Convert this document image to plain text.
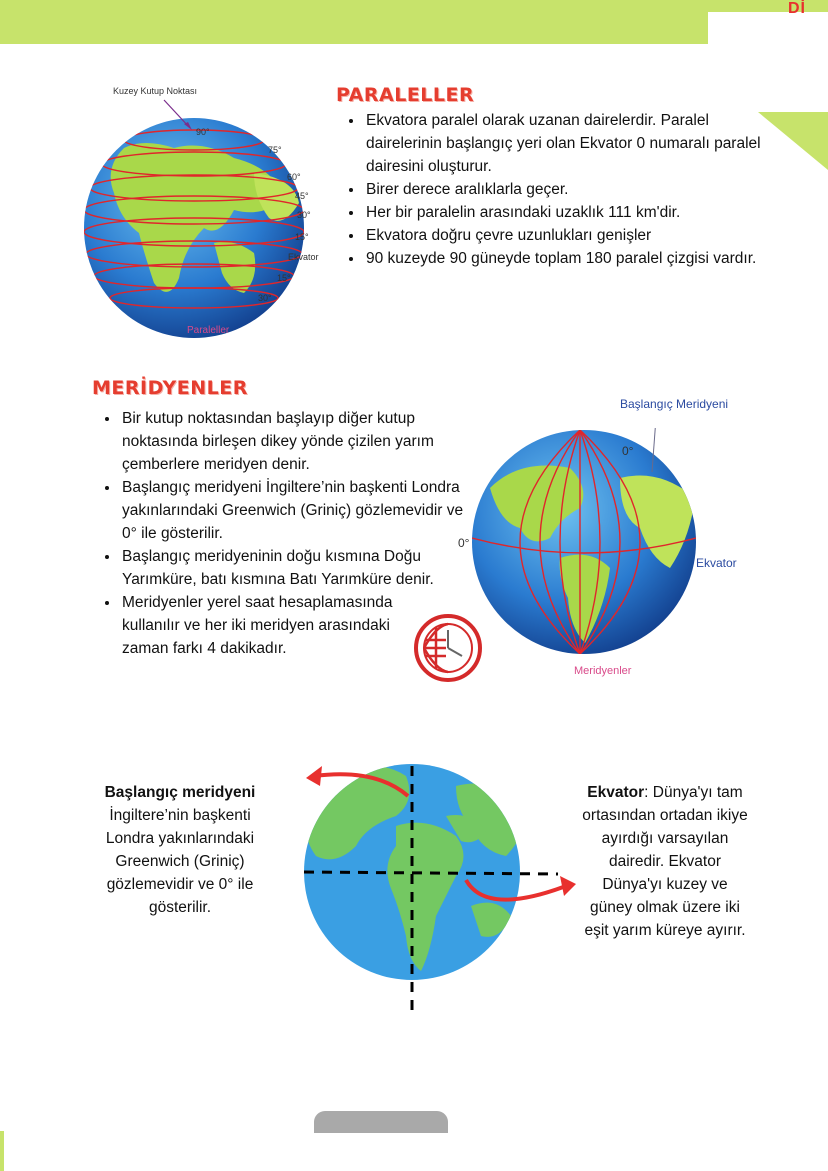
Dİ
Kuzey Kutup Noktası
90°
75°
60°
45°
30°
15°
Ekvator
15°
30°
Paraleller
PARALELLER
• Ekvatora paralel olarak uzanan dairelerdir. Paralel dairelerinin başlangıç yeri olan Ekvator 0 numaralı paralel dairesini oluşturur.
• Birer derece aralıklarla geçer.
• Her bir paralelin arasındaki uzaklık 111 km'dir.
• Ekvatora doğru çevre uzunlukları genişler
• 90 kuzeyde 90 güneyde toplam 180 paralel çizgisi vardır.
MERİDYENLER
• Bir kutup noktasından başlayıp diğer kutup noktasında birleşen dikey yönde çizilen yarım çemberlere meridyen denir.
• Başlangıç meridyeni İngiltere’nin başkenti Londra yakınlarındaki Greenwich (Griniç) gözlemevidir ve 0° ile gösterilir.
• Başlangıç meridyeninin doğu kısmına Doğu Yarımküre, batı kısmına Batı Yarımküre denir.
• Meridyenler yerel saat hesaplamasında kullanılır ve her iki meridyen arasındaki zaman farkı 4 dakikadır.
Başlangıç Meridyeni
0°
0°
Ekvator
Meridyenler
Başlangıç meridyeni
İngiltere’nin başkenti Londra yakınlarındaki Greenwich (Griniç) gözlemevidir ve 0° ile gösterilir.
Ekvator: Dünya'yı tam ortasından ortadan ikiye ayırdığı varsayılan dairedir. Ekvator Dünya'yı kuzey ve güney olmak üzere iki eşit yarım küreye ayırır.
